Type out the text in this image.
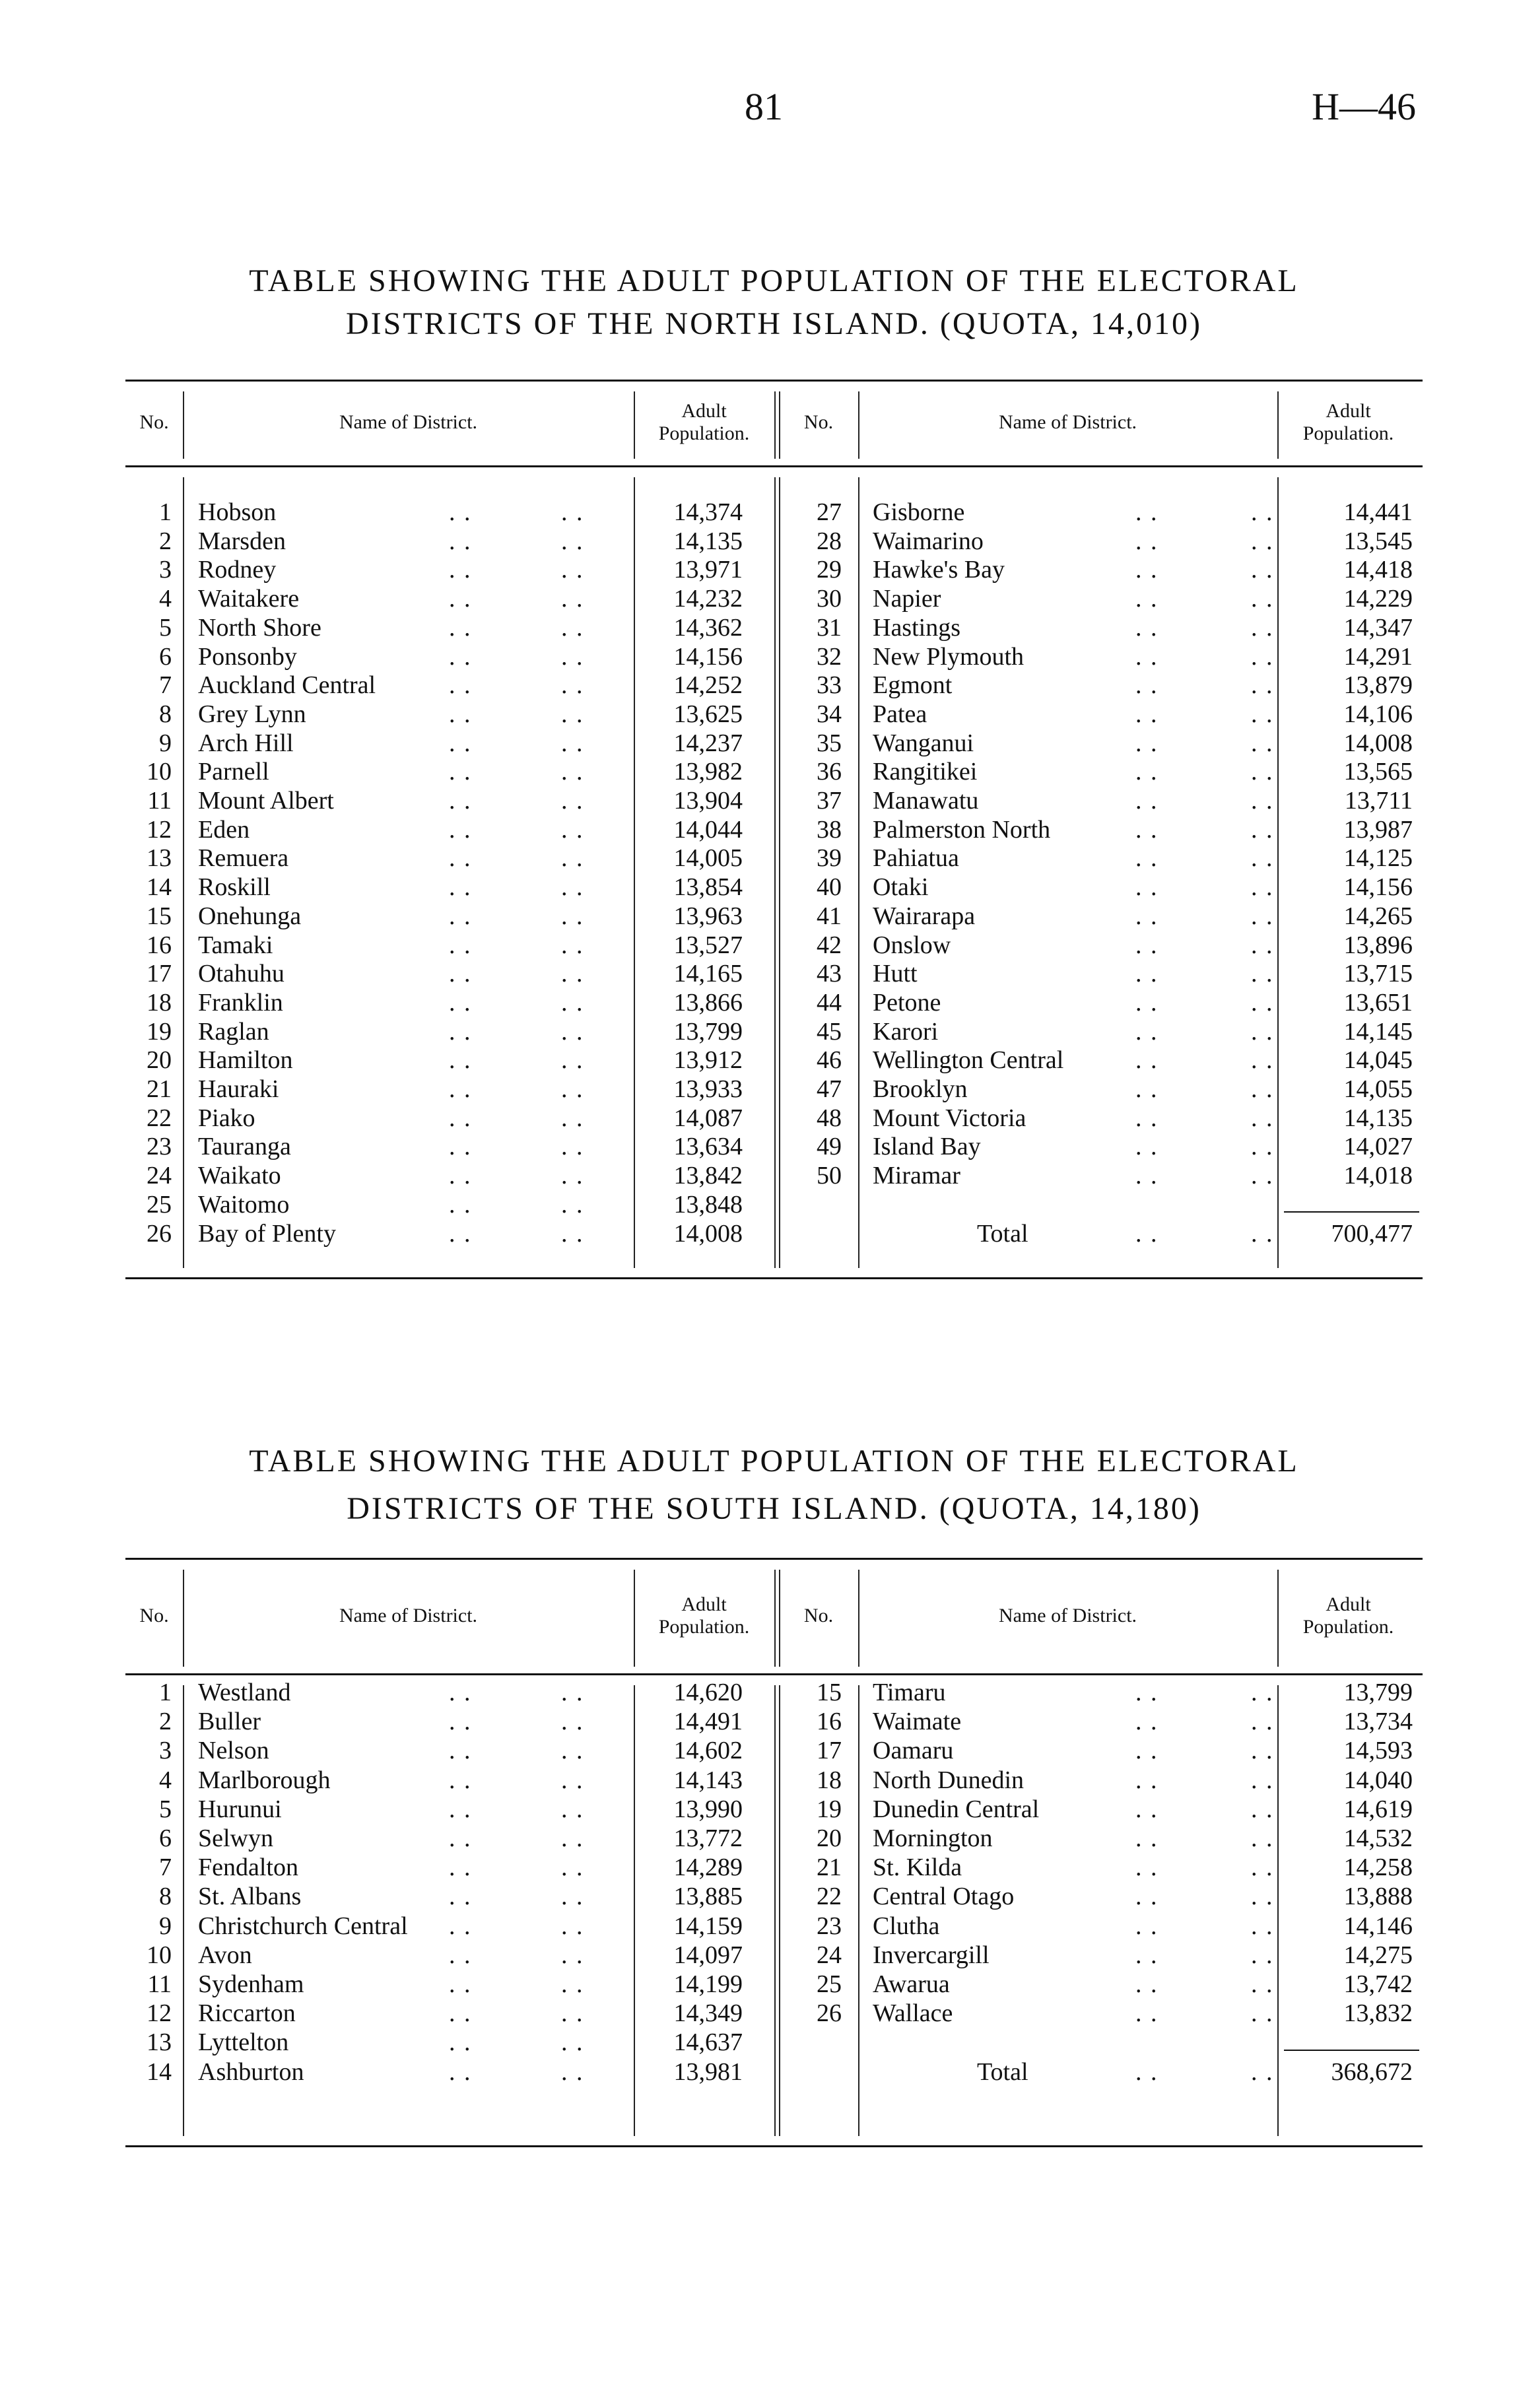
81	H—46
TABLE SHOWING THE ADULT POPULATION OF THE ELECTORAL
DISTRICTS OF THE NORTH ISLAND. (QUOTA, 14,010)
No.	Name of District.
Adult
Population.
No.	Name of District.
Adult
Population.
1 Hobson	. .	. .	14,374
2 Marsden	. .	. .	14,135
3 Rodney	. .	. .	13,971
4 Waitakere	. .	. .	14,232
5 North Shore	. .	. .	14,362
6 Ponsonby	. .	. .	14,156
7 Auckland Central	. .	. .	14,252
8 Grey Lynn	. .	. .	13,625
9 Arch Hill	. .	. .	14,237
10 Parnell	. .	. .	13,982
11 Mount Albert	. .	. .	13,904
12 Eden	. .	. .	14,044
13 Remuera	. .	. .	14,005
14 Roskill	. .	. .	13,854
15 Onehunga	. .	. .	13,963
16 Tamaki	. .	. .	13,527
17 Otahuhu	. .	. .	14,165
18 Franklin	. .	. .	13,866
19 Raglan	. .	. .	13,799
20 Hamilton	. .	. .	13,912
21 Hauraki	. .	. .	13,933
22 Piako	. .	. .	14,087
23 Tauranga	. .	. .	13,634
24 Waikato	. .	. .	13,842
25 Waitomo	. .	. .	13,848
26 Bay of Plenty	. .	. .	14,008
27 Gisborne	. .	. .	14,441
28 Waimarino	. .	. .	13,545
29 Hawke's Bay	. .	. .	14,418
30 Napier	. .	. .	14,229
31 Hastings	. .	. .	14,347
32 New Plymouth	. .	. .	14,291
33 Egmont	. .	. .	13,879
34 Patea	. .	. .	14,106
35 Wanganui	. .	. .	14,008
36 Rangitikei	. .	. .	13,565
37 Manawatu	. .	. .	13,711
38 Palmerston North	. .	. .	13,987
39 Pahiatua	. .	. .	14,125
40 Otaki	. .	. .	14,156
41 Wairarapa	. .	. .	14,265
42 Onslow	. .	. .	13,896
43 Hutt	. .	. .	13,715
44 Petone	. .	. .	13,651
45 Karori	. .	. .	14,145
46 Wellington Central	. .	. .	14,045
47 Brooklyn	. .	. .	14,055
48 Mount Victoria	. .	. .	14,135
49 Island Bay	. .	. .	14,027
50 Miramar	. .	. .	14,018
Total	. .	. .	700,477
TABLE SHOWING THE ADULT POPULATION OF THE ELECTORAL
DISTRICTS OF THE SOUTH ISLAND. (QUOTA, 14,180)
No.	Name of District.
Adult
Population.
No.	Name of District.
Adult
Population.
1 Westland	. .	. .	14,620
2 Buller	. .	. .	14,491
3 Nelson	. .	. .	14,602
4 Marlborough	. .	. .	14,143
5 Hurunui	. .	. .	13,990
6 Selwyn	. .	. .	13,772
7 Fendalton	. .	. .	14,289
8 St. Albans	. .	. .	13,885
9 Christchurch Central . .	. .	14,159
10 Avon	. .	. .	14,097
11 Sydenham	. .	. .	14,199
12 Riccarton	. .	. .	14,349
13 Lyttelton	. .	. .	14,637
14 Ashburton	. .	. .	13,981
15 Timaru	. .	. .	13,799
16 Waimate	. .	. .	13,734
17 Oamaru	. .	. .	14,593
18 North Dunedin	. .	. .	14,040
19 Dunedin Central	. .	. .	14,619
20 Mornington	. .	. .	14,532
21 St. Kilda	. .	. .	14,258
22 Central Otago	. .	. .	13,888
23 Clutha	. .	. .	14,146
24 Invercargill	. .	. .	14,275
25 Awarua	. .	. .	13,742
26 Wallace	. .	. .	13,832
Total	. .	. .	368,672
